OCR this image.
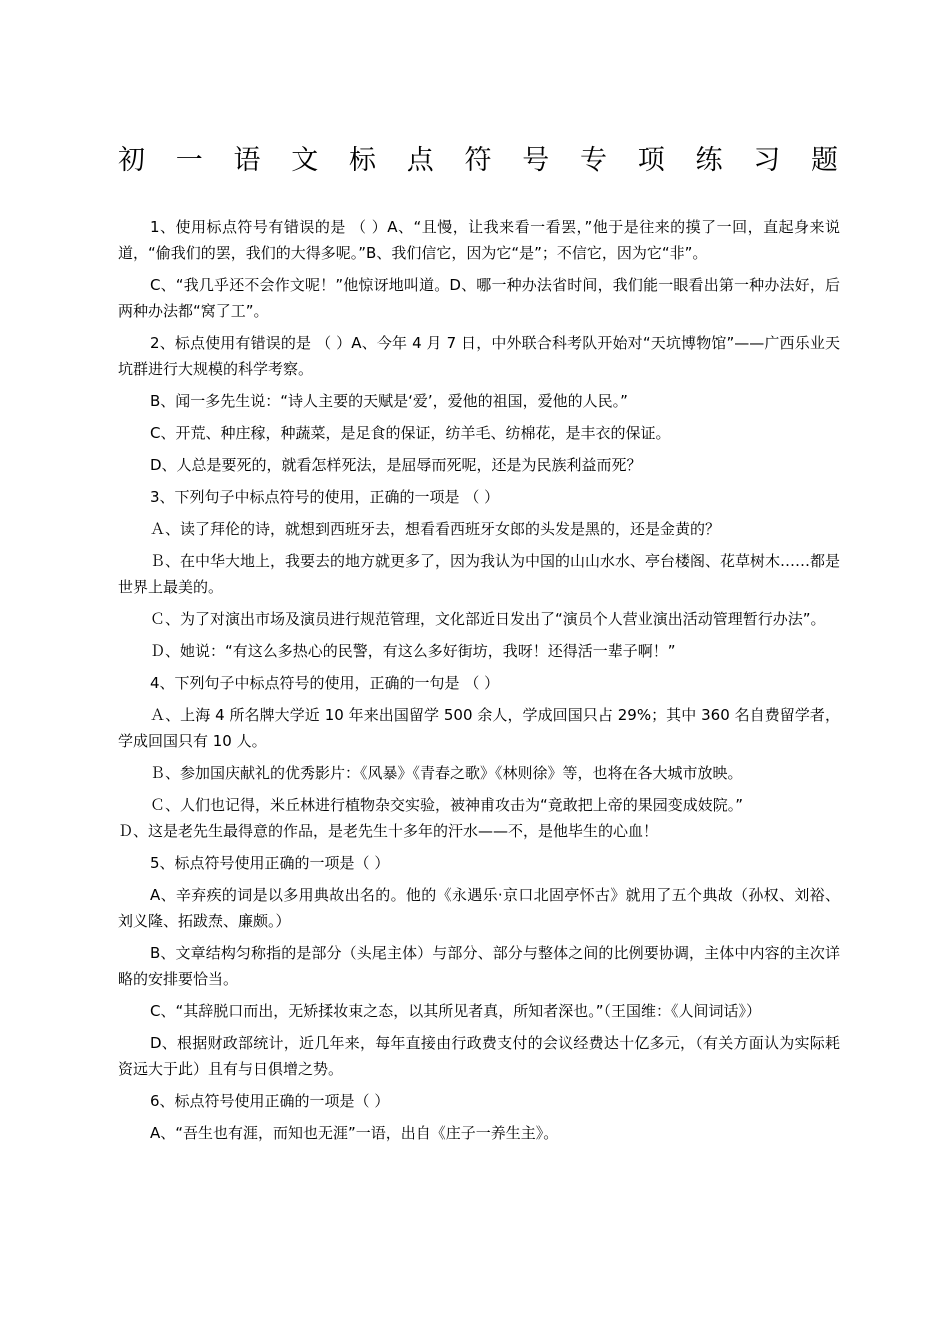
初 一 语 文 标 点 符 号 专 项 练 习 题

1、使用标点符号有错误的是 （ ）A、“且慢，让我来看一看罢，”他于是往来的摸了一回，直起身来说道，“偷我们的罢，我们的大得多呢。”B、我们信它，因为它“是”；不信它，因为它“非”。

C、“我几乎还不会作文呢！”他惊讶地叫道。D、哪一种办法省时间，我们能一眼看出第一种办法好，后两种办法都“窝了工”。

2、标点使用有错误的是 （ ）A、今年 4 月 7 日，中外联合科考队开始对“天坑博物馆”——广西乐业天坑群进行大规模的科学考察。

B、闻一多先生说：“诗人主要的天赋是‘爱’，爱他的祖国，爱他的人民。”

C、开荒、种庄稼，种蔬菜，是足食的保证，纺羊毛、纺棉花，是丰衣的保证。

D、人总是要死的，就看怎样死法，是屈辱而死呢，还是为民族利益而死？

3、下列句子中标点符号的使用，正确的一项是 （ ）

Ａ、读了拜伦的诗，就想到西班牙去，想看看西班牙女郎的头发是黑的，还是金黄的？

Ｂ、在中华大地上，我要去的地方就更多了，因为我认为中国的山山水水、亭台楼阁、花草树木……都是世界上最美的。

Ｃ、为了对演出市场及演员进行规范管理，文化部近日发出了“演员个人营业演出活动管理暂行办法”。

Ｄ、她说：“有这么多热心的民警，有这么多好街坊，我呀！还得活一辈子啊！”

4、下列句子中标点符号的使用，正确的一句是 （ ）

Ａ、上海 4 所名牌大学近 10 年来出国留学 500 余人，学成回国只占 29%；其中 360 名自费留学者，学成回国只有 10 人。

Ｂ、参加国庆献礼的优秀影片：《风暴》《青春之歌》《林则徐》等，也将在各大城市放映。

Ｃ、人们也记得，米丘林进行植物杂交实验，被神甫攻击为“竟敢把上帝的果园变成妓院。”

Ｄ、这是老先生最得意的作品，是老先生十多年的汗水——不，是他毕生的心血！

5、标点符号使用正确的一项是（ ）

A、辛弃疾的词是以多用典故出名的。他的《永遇乐·京口北固亭怀古》就用了五个典故（孙权、刘裕、刘义隆、拓跋焘、廉颇。）

B、文章结构匀称指的是部分（头尾主体）与部分、部分与整体之间的比例要协调，主体中内容的主次详略的安排要恰当。

C、“其辞脱口而出，无矫揉妆束之态，以其所见者真，所知者深也。”（王国维：《人间词话》）

D、根据财政部统计，近几年来，每年直接由行政费支付的会议经费达十亿多元，（有关方面认为实际耗资远大于此）且有与日俱增之势。

6、标点符号使用正确的一项是（ ）

A、“吾生也有涯，而知也无涯”一语，出自《庄子一养生主》。
